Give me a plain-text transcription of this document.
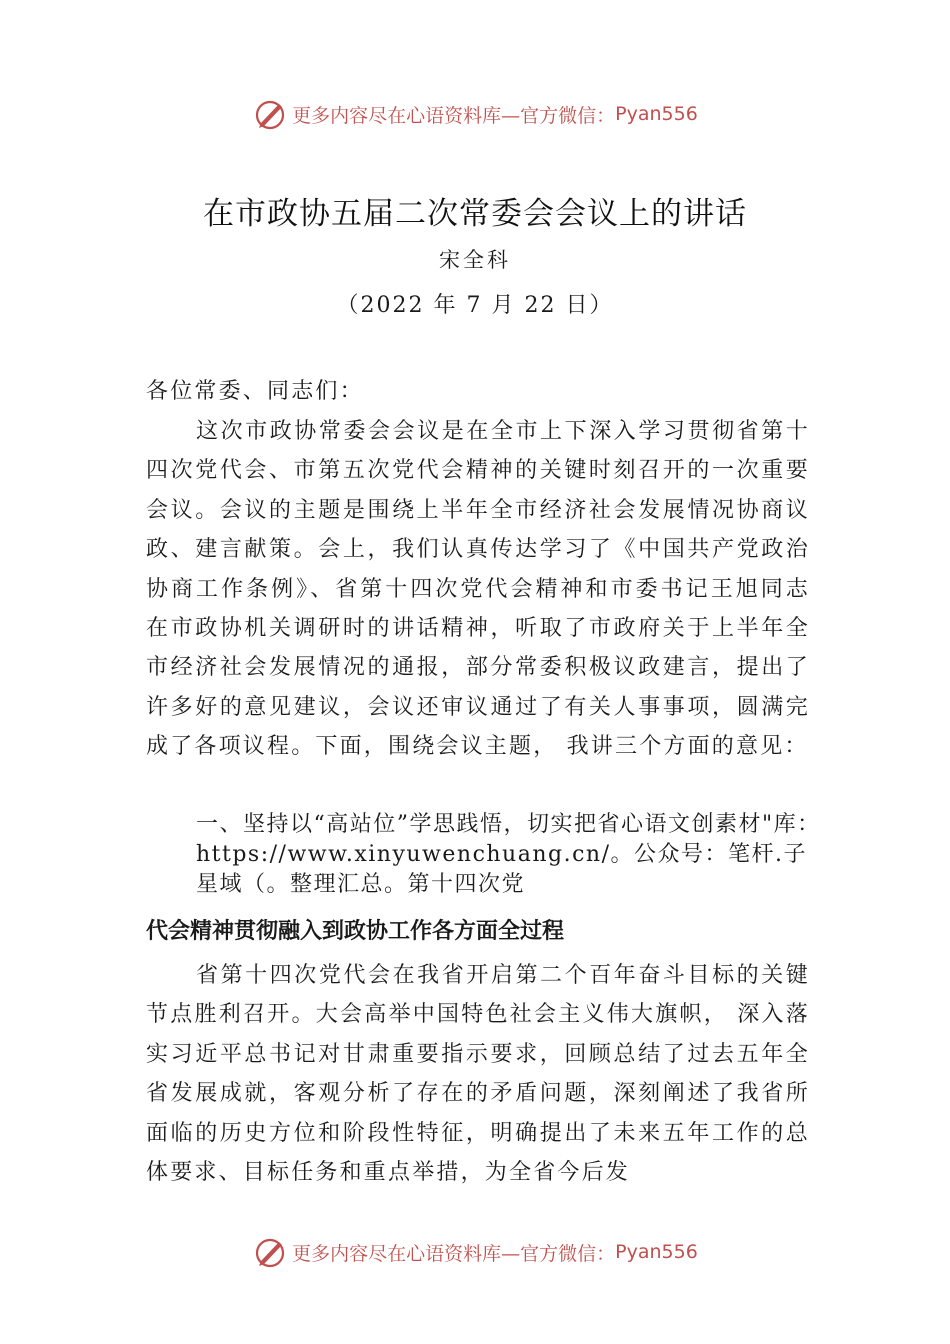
更多内容尽在心语资料库—官方微信： Pyan556
在市政协五届二次常委会会议上的讲话
宋全科
（2022 年 7 月 22 日）

各位常委、同志们：

这次市政协常委会会议是在全市上下深入学习贯彻省第十四次党代会、市第五次党代会精神的关键时刻召开的一次重要会议。会议的主题是围绕上半年全市经济社会发展情况协商议政、建言献策。会上，我们认真传达学习了《中国共产党政治协商工作条例》、省第十四次党代会精神和市委书记王旭同志在市政协机关调研时的讲话精神，听取了市政府关于上半年全市经济社会发展情况的通报，部分常委积极议政建言，提出了许多好的意见建议，会议还审议通过了有关人事事项，圆满完成了各项议程。下面，围绕会议主题， 我讲三个方面的意见：

一、坚持以“高站位”学思践悟，切实把省心语文创素材"库：https://www.xinyuwenchuang.cn/。公众号：笔杆.子星域（。整理汇总。第十四次党

代会精神贯彻融入到政协工作各方面全过程

省第十四次党代会在我省开启第二个百年奋斗目标的关键节点胜利召开。大会高举中国特色社会主义伟大旗帜， 深入落实习近平总书记对甘肃重要指示要求，回顾总结了过去五年全省发展成就，客观分析了存在的矛盾问题，深刻阐述了我省所面临的历史方位和阶段性特征，明确提出了未来五年工作的总体要求、目标任务和重点举措，为全省今后发

更多内容尽在心语资料库—官方微信： Pyan556
